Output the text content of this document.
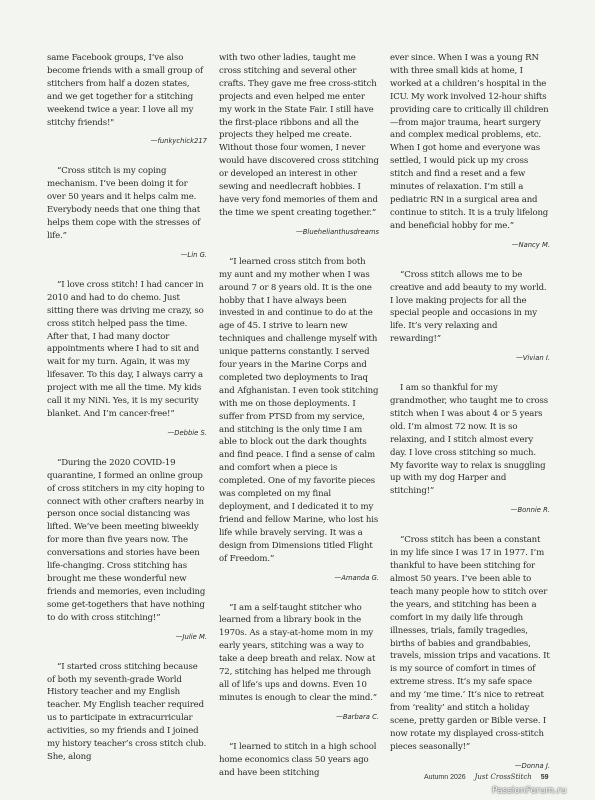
same Facebook groups, I’ve also become friends with a small group of stitchers from half a dozen states, and we get together for a stitching weekend twice a year. I love all my stitchy friends!"

—funkychick217

“Cross stitch is my coping mechanism. I’ve been doing it for over 50 years and it helps calm me. Everybody needs that one thing that helps them cope with the stresses of life.”

—Lin G.

“I love cross stitch! I had cancer in 2010 and had to do chemo. Just sitting there was driving me crazy, so cross stitch helped pass the time. After that, I had many doctor appointments where I had to sit and wait for my turn. Again, it was my lifesaver. To this day, I always carry a project with me all the time. My kids call it my NiNi. Yes, it is my security blanket. And I’m cancer-free!”

—Debbie S.

“During the 2020 COVID-19 quarantine, I formed an online group of cross stitchers in my city hoping to connect with other crafters nearby in person once social distancing was lifted. We’ve been meeting biweekly for more than five years now. The conversations and stories have been life-changing. Cross stitching has brought me these wonderful new friends and memories, even including some get-togethers that have nothing to do with cross stitching!”

—Julie M.

“I started cross stitching because of both my seventh-grade World History teacher and my English teacher. My English teacher required us to participate in extracurricular activities, so my friends and I joined my history teacher’s cross stitch club. She, along

with two other ladies, taught me cross stitching and several other crafts. They gave me free cross-stitch projects and even helped me enter my work in the State Fair. I still have the first-place ribbons and all the projects they helped me create. Without those four women, I never would have discovered cross stitching or developed an interest in other sewing and needlecraft hobbies. I have very fond memories of them and the time we spent creating together.”

—Bluehelianthusdreams

“I learned cross stitch from both my aunt and my mother when I was around 7 or 8 years old. It is the one hobby that I have always been invested in and continue to do at the age of 45. I strive to learn new techniques and challenge myself with unique patterns constantly. I served four years in the Marine Corps and completed two deployments to Iraq and Afghanistan. I even took stitching with me on those deployments. I suffer from PTSD from my service, and stitching is the only time I am able to block out the dark thoughts and find peace. I find a sense of calm and comfort when a piece is completed. One of my favorite pieces was completed on my final deployment, and I dedicated it to my friend and fellow Marine, who lost his life while bravely serving. It was a design from Dimensions titled Flight of Freedom.”

—Amanda G.

“I am a self-taught stitcher who learned from a library book in the 1970s. As a stay-at-home mom in my early years, stitching was a way to take a deep breath and relax. Now at 72, stitching has helped me through all of life’s ups and downs. Even 10 minutes is enough to clear the mind.”

—Barbara C.

“I learned to stitch in a high school home economics class 50 years ago and have been stitching

ever since. When I was a young RN with three small kids at home, I worked at a children’s hospital in the ICU. My work involved 12-hour shifts providing care to critically ill children—from major trauma, heart surgery and complex medical problems, etc. When I got home and everyone was settled, I would pick up my cross stitch and find a reset and a few minutes of relaxation. I’m still a pediatric RN in a surgical area and continue to stitch. It is a truly lifelong and beneficial hobby for me.”

—Nancy M.

“Cross stitch allows me to be creative and add beauty to my world. I love making projects for all the special people and occasions in my life. It’s very relaxing and rewarding!”

—Vivian I.

I am so thankful for my grandmother, who taught me to cross stitch when I was about 4 or 5 years old. I’m almost 72 now. It is so relaxing, and I stitch almost every day. I love cross stitching so much. My favorite way to relax is snuggling up with my dog Harper and stitching!”

—Bonnie R.

“Cross stitch has been a constant in my life since I was 17 in 1977. I’m thankful to have been stitching for almost 50 years. I’ve been able to teach many people how to stitch over the years, and stitching has been a comfort in my daily life through illnesses, trials, family tragedies, births of babies and grandbabies, travels, mission trips and vacations. It is my source of comfort in times of extreme stress. It’s my safe space and my ‘me time.’ It’s nice to retreat from ‘reality’ and stitch a holiday scene, pretty garden or Bible verse. I now rotate my displayed cross-stitch pieces seasonally!”

—Donna J.

Autumn 2026 Just CrossStitch 59
PassionForum.ru
